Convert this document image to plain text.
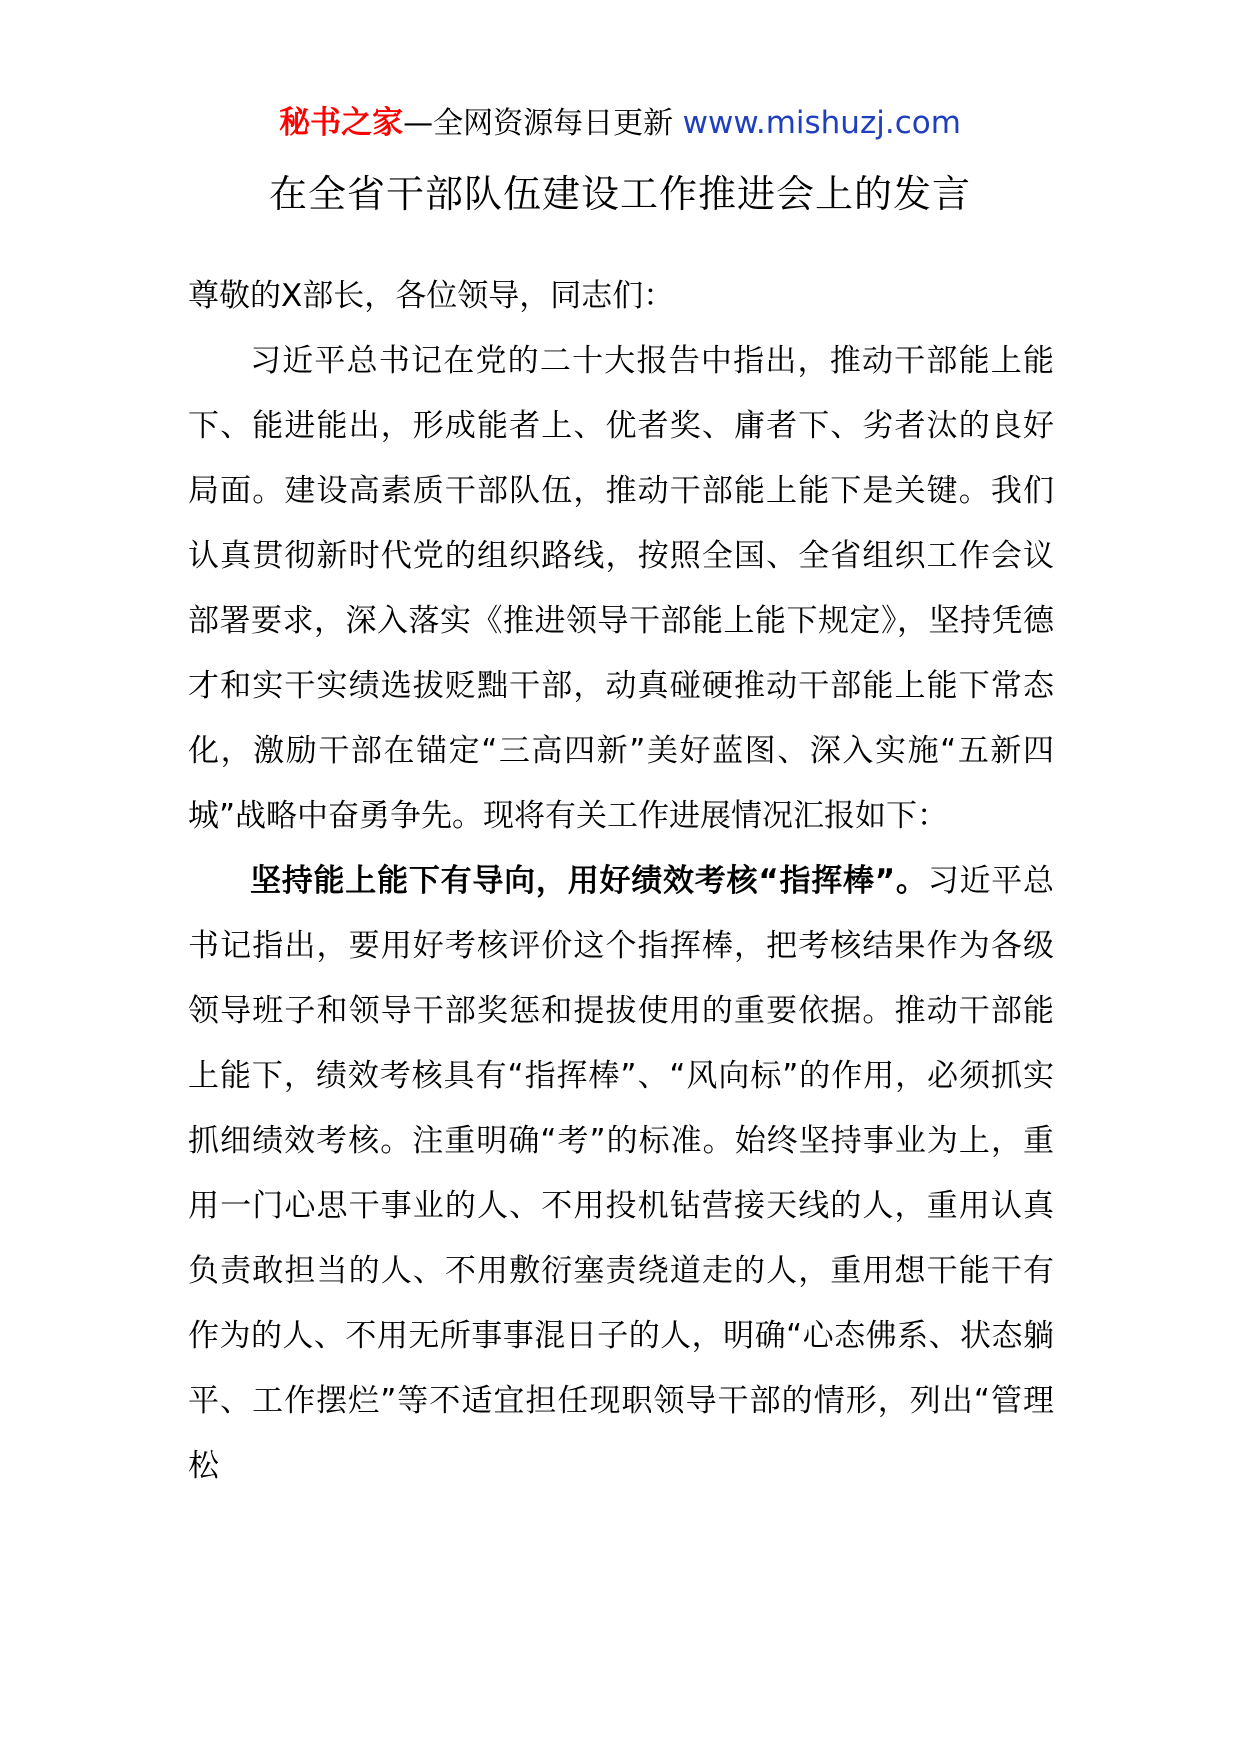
秘书之家—全网资源每日更新 www.mishuzj.com
在全省干部队伍建设工作推进会上的发言

尊敬的X部长，各位领导，同志们：

习近平总书记在党的二十大报告中指出，推动干部能上能下、能进能出，形成能者上、优者奖、庸者下、劣者汰的良好局面。建设高素质干部队伍，推动干部能上能下是关键。我们认真贯彻新时代党的组织路线，按照全国、全省组织工作会议部署要求，深入落实《推进领导干部能上能下规定》，坚持凭德才和实干实绩选拔贬黜干部，动真碰硬推动干部能上能下常态化，激励干部在锚定“三高四新”美好蓝图、深入实施“五新四城”战略中奋勇争先。现将有关工作进展情况汇报如下：

坚持能上能下有导向，用好绩效考核“指挥棒”。习近平总书记指出，要用好考核评价这个指挥棒，把考核结果作为各级领导班子和领导干部奖惩和提拔使用的重要依据。推动干部能上能下，绩效考核具有“指挥棒”、“风向标”的作用，必须抓实抓细绩效考核。注重明确“考”的标准。始终坚持事业为上，重用一门心思干事业的人、不用投机钻营接天线的人，重用认真负责敢担当的人、不用敷衍塞责绕道走的人，重用想干能干有作为的人、不用无所事事混日子的人，明确“心态佛系、状态躺平、工作摆烂”等不适宜担任现职领导干部的情形，列出“管理松
